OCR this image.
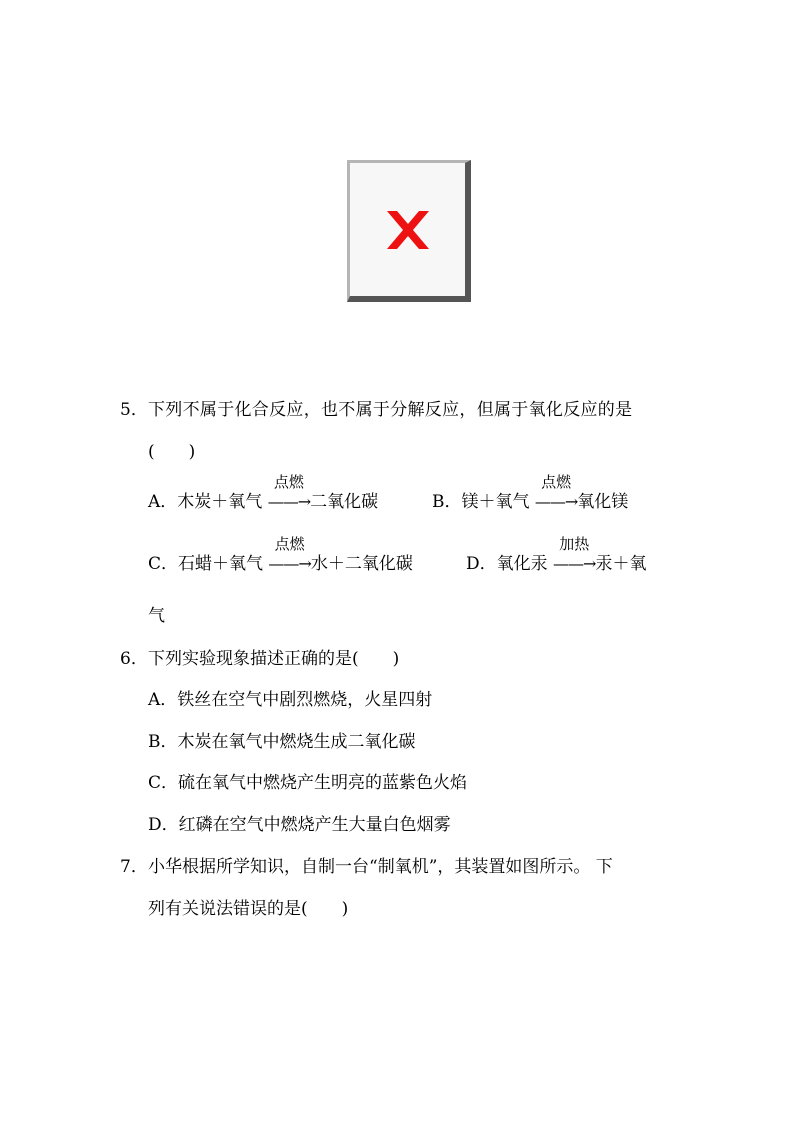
5． 下列不属于化合反应，也不属于分解反应，但属于氧化反应的是
(　　)
A．木炭＋氧气
点燃
——→二氧化碳	B．镁＋氧气
点燃
——→氧化镁
C．石蜡＋氧气
点燃
——→水＋二氧化碳	D．氧化汞
加热
——→汞＋氧
气
6． 下列实验现象描述正确的是(　　)
A．铁丝在空气中剧烈燃烧，火星四射
B．木炭在氧气中燃烧生成二氧化碳
C．硫在氧气中燃烧产生明亮的蓝紫色火焰
D．红磷在空气中燃烧产生大量白色烟雾
7． 小华根据所学知识，自制一台“制氧机”，其装置如图所示。 下
列有关说法错误的是(　　)
